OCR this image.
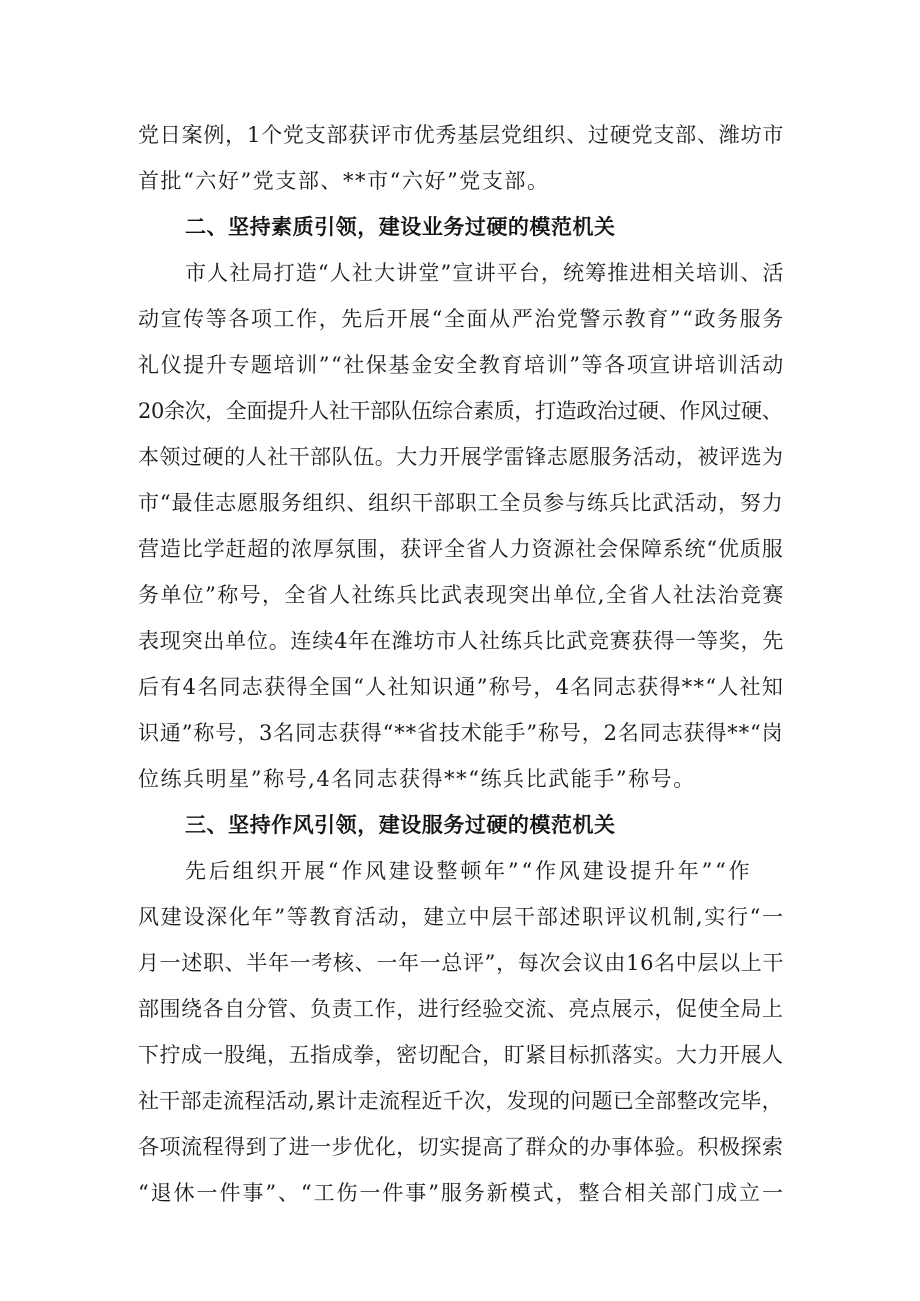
党日案例，1个党支部获评市优秀基层党组织、过硬党支部、潍坊市
首批“六好”党支部、**市“六好”党支部。
二、坚持素质引领，建设业务过硬的模范机关
市人社局打造“人社大讲堂”宣讲平台，统筹推进相关培训、活
动宣传等各项工作，先后开展“全面从严治党警示教育”“政务服务
礼仪提升专题培训”“社保基金安全教育培训”等各项宣讲培训活动
20余次，全面提升人社干部队伍综合素质，打造政治过硬、作风过硬、
本领过硬的人社干部队伍。大力开展学雷锋志愿服务活动，被评选为
市“最佳志愿服务组织、组织干部职工全员参与练兵比武活动，努力
营造比学赶超的浓厚氛围，获评全省人力资源社会保障系统“优质服
务单位”称号，全省人社练兵比武表现突出单位,全省人社法治竞赛
表现突出单位。连续4年在潍坊市人社练兵比武竞赛获得一等奖，先
后有4名同志获得全国“人社知识通”称号，4名同志获得**“人社知
识通”称号，3名同志获得“**省技术能手”称号，2名同志获得**“岗
位练兵明星”称号,4名同志获得**“练兵比武能手”称号。
三、坚持作风引领，建设服务过硬的模范机关
先后组织开展“作风建设整顿年”“作风建设提升年”“作
风建设深化年”等教育活动，建立中层干部述职评议机制,实行“一
月一述职、半年一考核、一年一总评”，每次会议由16名中层以上干
部围绕各自分管、负责工作，进行经验交流、亮点展示，促使全局上
下拧成一股绳，五指成拳，密切配合，盯紧目标抓落实。大力开展人
社干部走流程活动,累计走流程近千次，发现的问题已全部整改完毕，
各项流程得到了进一步优化，切实提高了群众的办事体验。积极探索
“退休一件事”、“工伤一件事”服务新模式，整合相关部门成立一
